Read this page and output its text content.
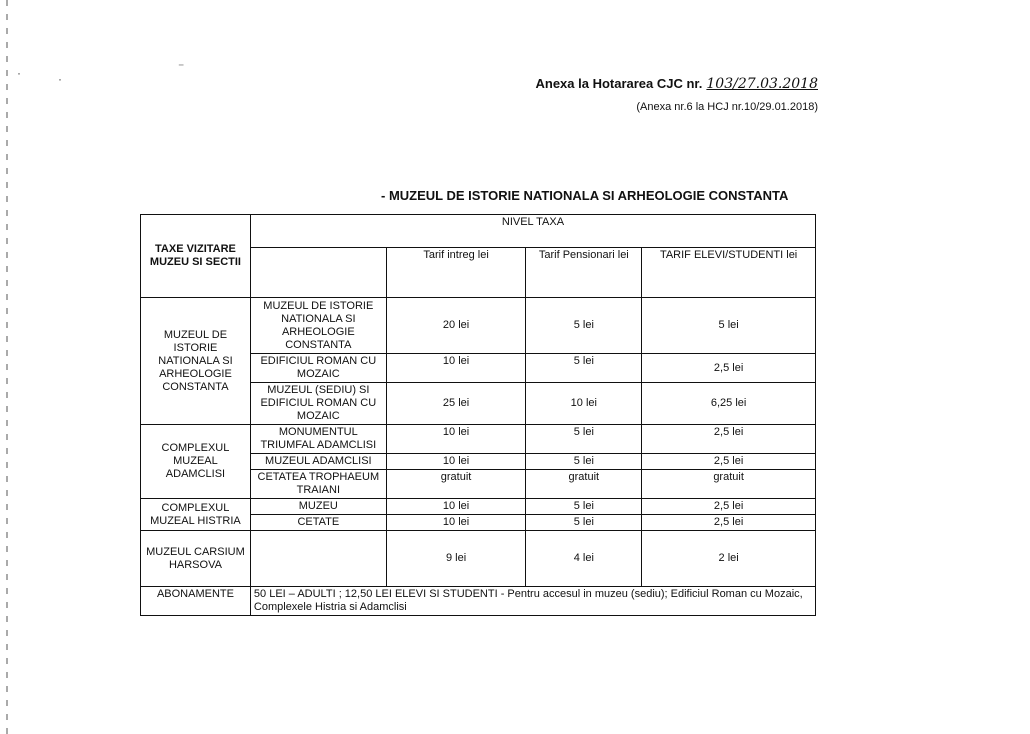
·	·
⁻
Anexa la Hotararea CJC nr. 103/27.03.2018
(Anexa nr.6 la HCJ nr.10/29.01.2018)
- MUZEUL DE ISTORIE NATIONALA SI ARHEOLOGIE CONSTANTA
TAXE VIZITARE MUZEU SI SECTII	NIVEL TAXA			
		Tarif intreg lei	Tarif Pensionari lei	TARIF ELEVI/STUDENTI lei
MUZEUL DE ISTORIE NATIONALA SI ARHEOLOGIE CONSTANTA	MUZEUL DE ISTORIE NATIONALA SI ARHEOLOGIE CONSTANTA	20 lei	5 lei	5 lei
	EDIFICIUL ROMAN CU MOZAIC	10 lei	5 lei	2,5 lei
	MUZEUL (SEDIU) SI EDIFICIUL ROMAN CU MOZAIC	25 lei	10 lei	6,25 lei
COMPLEXUL MUZEAL ADAMCLISI	MONUMENTUL TRIUMFAL ADAMCLISI	10 lei	5 lei	2,5 lei
	MUZEUL ADAMCLISI	10 lei	5 lei	2,5 lei
	CETATEA TROPHAEUM TRAIANI	gratuit	gratuit	gratuit
COMPLEXUL MUZEAL HISTRIA	MUZEU	10 lei	5 lei	2,5 lei
	CETATE	10 lei	5 lei	2,5 lei
MUZEUL CARSIUM HARSOVA		9 lei	4 lei	2 lei
ABONAMENTE	50 LEI – ADULTI ; 12,50 LEI ELEVI SI STUDENTI - Pentru accesul in muzeu (sediu); Edificiul Roman cu Mozaic, Complexele Histria si Adamclisi			
